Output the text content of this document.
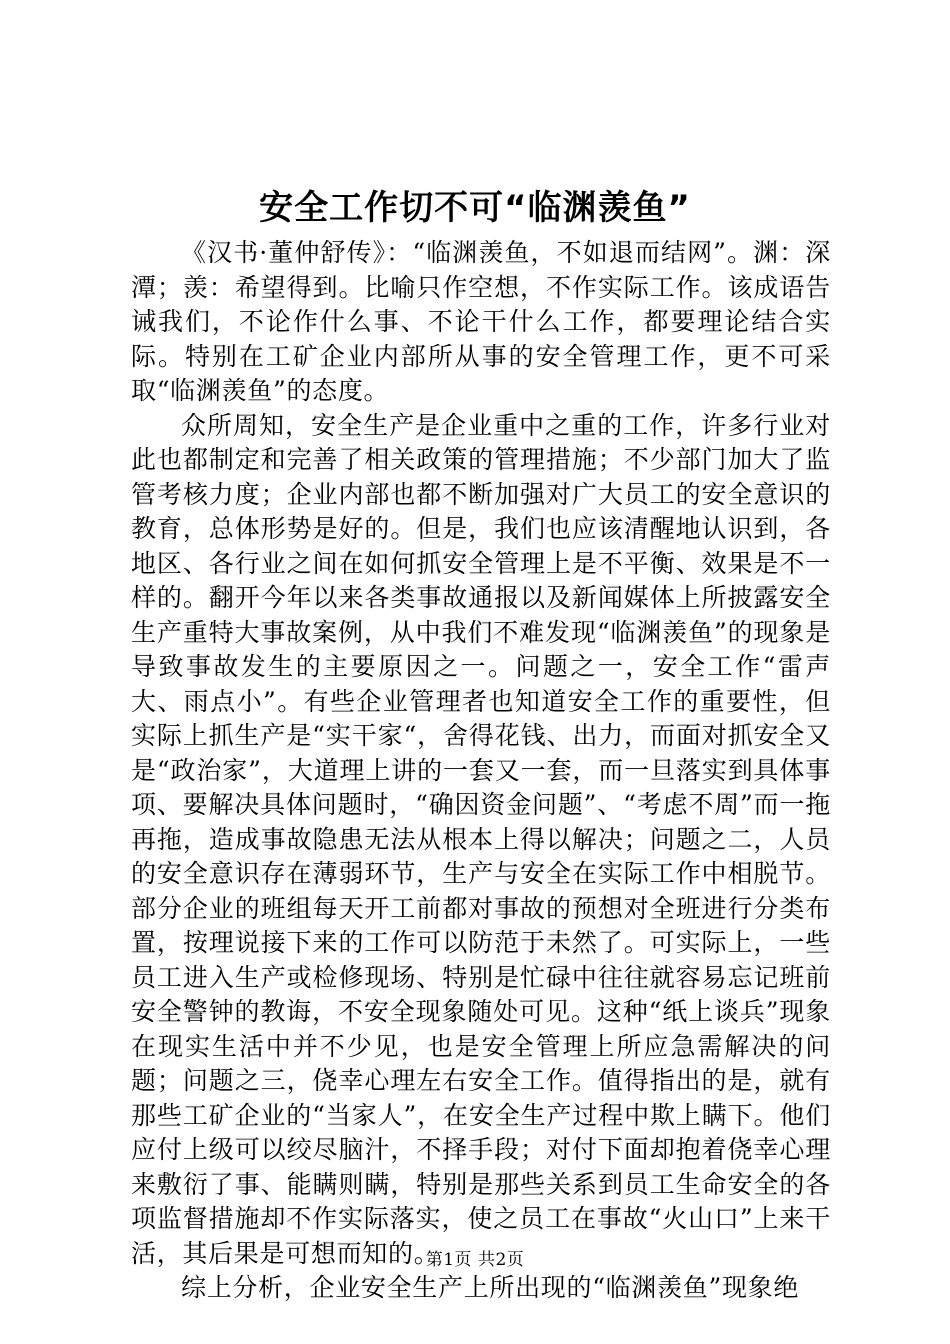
安全工作切不可“临渊羡鱼”

《汉书·董仲舒传》：“临渊羡鱼，不如退而结网”。渊：深潭；羡：希望得到。比喻只作空想，不作实际工作。该成语告诫我们，不论作什么事、不论干什么工作，都要理论结合实际。特别在工矿企业内部所从事的安全管理工作，更不可采取“临渊羡鱼”的态度。

众所周知，安全生产是企业重中之重的工作，许多行业对此也都制定和完善了相关政策的管理措施；不少部门加大了监管考核力度；企业内部也都不断加强对广大员工的安全意识的教育，总体形势是好的。但是，我们也应该清醒地认识到，各地区、各行业之间在如何抓安全管理上是不平衡、效果是不一样的。翻开今年以来各类事故通报以及新闻媒体上所披露安全生产重特大事故案例，从中我们不难发现“临渊羡鱼”的现象是导致事故发生的主要原因之一。问题之一，安全工作“雷声大、雨点小”。有些企业管理者也知道安全工作的重要性，但实际上抓生产是“实干家“，舍得花钱、出力，而面对抓安全又是“政治家”，大道理上讲的一套又一套，而一旦落实到具体事项、要解决具体问题时，“确因资金问题”、“考虑不周”而一拖再拖，造成事故隐患无法从根本上得以解决；问题之二，人员的安全意识存在薄弱环节，生产与安全在实际工作中相脱节。部分企业的班组每天开工前都对事故的预想对全班进行分类布置，按理说接下来的工作可以防范于未然了。可实际上，一些员工进入生产或检修现场、特别是忙碌中往往就容易忘记班前安全警钟的教诲，不安全现象随处可见。这种“纸上谈兵”现象在现实生活中并不少见，也是安全管理上所应急需解决的问题；问题之三，侥幸心理左右安全工作。值得指出的是，就有那些工矿企业的“当家人”，在安全生产过程中欺上瞒下。他们应付上级可以绞尽脑汁，不择手段；对付下面却抱着侥幸心理来敷衍了事、能瞒则瞒，特别是那些关系到员工生命安全的各项监督措施却不作实际落实，使之员工在事故“火山口”上来干活，其后果是可想而知的。

综上分析，企业安全生产上所出现的“临渊羡鱼”现象绝

第1页 共2页
